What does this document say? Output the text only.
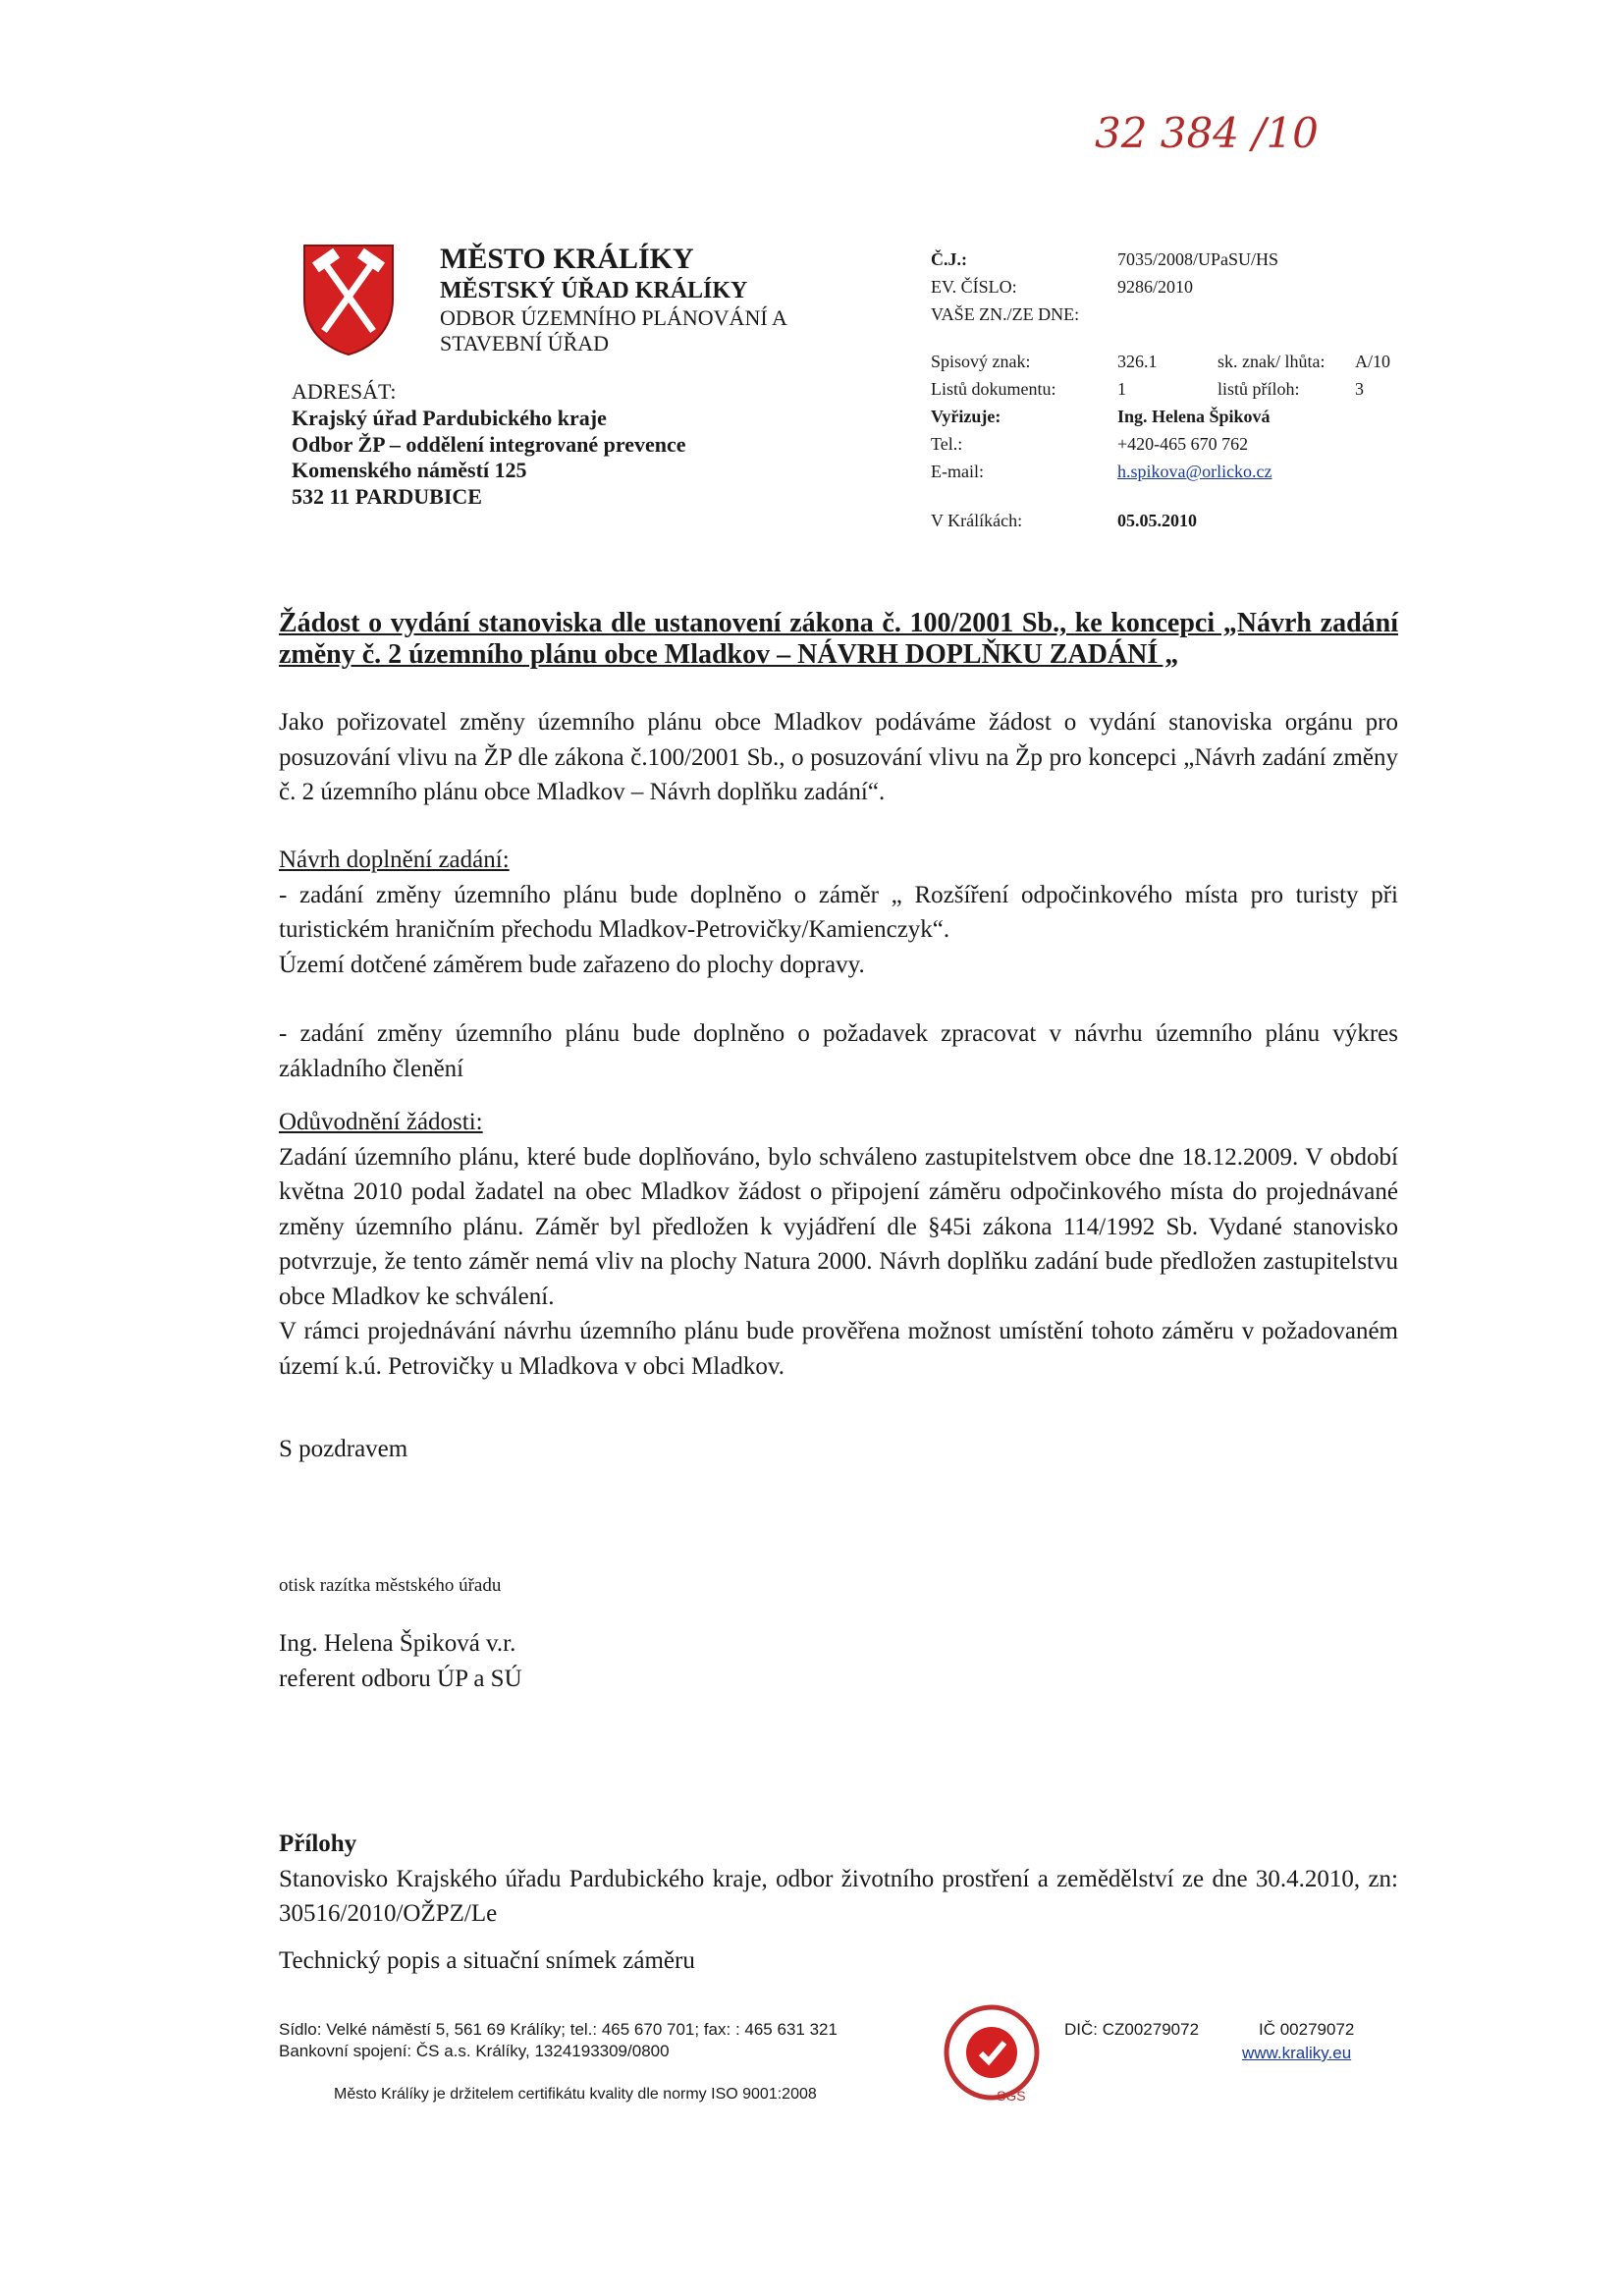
32 384 /10
MĚSTO KRÁLÍKY
MĚSTSKÝ ÚŘAD KRÁLÍKY
ODBOR ÚZEMNÍHO PLÁNOVÁNÍ A
STAVEBNÍ ÚŘAD
ADRESÁT:
Krajský úřad Pardubického kraje
Odbor ŽP – oddělení integrované prevence
Komenského náměstí 125
532 11 PARDUBICE
Č.J.:	7035/2008/UPaSU/HS
EV. ČÍSLO:	9286/2010
VAŠE ZN./ZE DNE:
Spisový znak:	326.1	sk. znak/ lhůta: A/10
Listů dokumentu:	1	listů příloh:	3
Vyřizuje:	Ing. Helena Špiková
Tel.:	+420-465 670 762
E-mail:	h.spikova@orlicko.cz
V Králíkách:	05.05.2010
Žádost o vydání stanoviska dle ustanovení zákona č. 100/2001 Sb., ke koncepci „Návrh zadání změny č. 2 územního plánu obce Mladkov – NÁVRH DOPLŇKU ZADÁNÍ „
Jako pořizovatel změny územního plánu obce Mladkov podáváme žádost o vydání stanoviska orgánu pro posuzování vlivu na ŽP dle zákona č.100/2001 Sb., o posuzování vlivu na Žp pro koncepci „Návrh zadání změny č. 2 územního plánu obce Mladkov – Návrh doplňku zadání“.
Návrh doplnění zadání:
- zadání změny územního plánu bude doplněno o záměr „ Rozšíření odpočinkového místa pro turisty při turistickém hraničním přechodu Mladkov-Petrovičky/Kamienczyk“.
Území dotčené záměrem bude zařazeno do plochy dopravy.
- zadání změny územního plánu bude doplněno o požadavek zpracovat v návrhu územního plánu výkres základního členění
Odůvodnění žádosti:
Zadání územního plánu, které bude doplňováno, bylo schváleno zastupitelstvem obce dne 18.12.2009. V období května 2010 podal žadatel na obec Mladkov žádost o připojení záměru odpočinkového místa do projednávané změny územního plánu. Záměr byl předložen k vyjádření dle §45i zákona 114/1992 Sb. Vydané stanovisko potvrzuje, že tento záměr nemá vliv na plochy Natura 2000. Návrh doplňku zadání bude předložen zastupitelstvu obce Mladkov ke schválení.
V rámci projednávání návrhu územního plánu bude prověřena možnost umístění tohoto záměru v požadovaném území k.ú. Petrovičky u Mladkova v obci Mladkov.
S pozdravem
otisk razítka městského úřadu
Ing. Helena Špiková v.r.
referent odboru ÚP a SÚ
Přílohy
Stanovisko Krajského úřadu Pardubického kraje, odbor životního prostření a zemědělství ze dne 30.4.2010, zn: 30516/2010/OŽPZ/Le
Technický popis a situační snímek záměru
Sídlo: Velké náměstí 5, 561 69 Králíky; tel.: 465 670 701; fax: : 465 631 321
Bankovní spojení: ČS a.s. Králíky, 1324193309/0800
SGS
DIČ: CZ00279072	IČ 00279072
www.kraliky.eu
Město Králíky je držitelem certifikátu kvality dle normy ISO 9001:2008
